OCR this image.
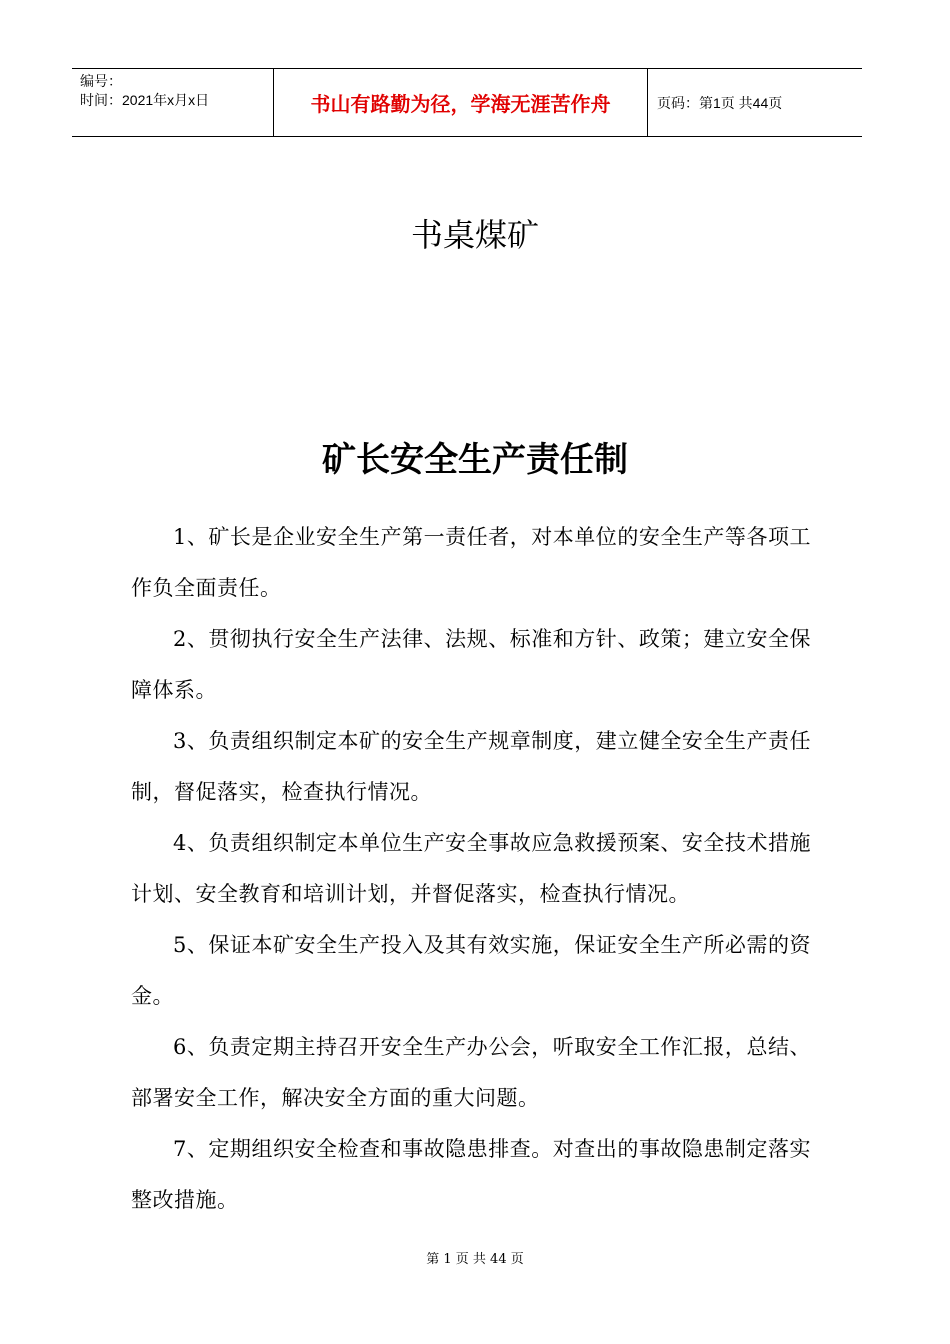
编号：
时间：2021年x月x日	书山有路勤为径，学海无涯苦作舟	页码：第1页 共44页
书桌煤矿
矿长安全生产责任制

1、矿长是企业安全生产第一责任者，对本单位的安全生产等各项工作负全面责任。

2、贯彻执行安全生产法律、法规、标准和方针、政策；建立安全保障体系。

3、负责组织制定本矿的安全生产规章制度，建立健全安全生产责任制，督促落实，检查执行情况。

4、负责组织制定本单位生产安全事故应急救援预案、安全技术措施计划、安全教育和培训计划，并督促落实，检查执行情况。

5、保证本矿安全生产投入及其有效实施，保证安全生产所必需的资金。

6、负责定期主持召开安全生产办公会，听取安全工作汇报，总结、部署安全工作，解决安全方面的重大问题。

7、定期组织安全检查和事故隐患排查。对查出的事故隐患制定落实整改措施。

第 1 页 共 44 页
